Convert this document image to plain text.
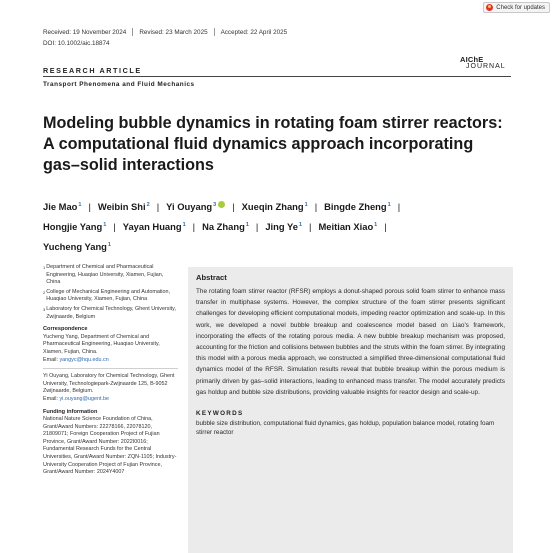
Check for updates
Received: 19 November 2024 Revised: 23 March 2025 Accepted: 22 April 2025
DOI: 10.1002/aic.18874
RESEARCH ARTICLE
Transport Phenomena and Fluid Mechanics
AIChE
JOURNAL
Modeling bubble dynamics in rotating foam stirrer reactors: A computational fluid dynamics approach incorporating gas–solid interactions
Jie Mao$^1$ | Weibin Shi$^2$ | Yi Ouyang$^3$ | Xueqin Zhang$^1$ | Bingde Zheng$^1$ |
Hongjie Yang$^1$ | Yayan Huang$^1$ | Na Zhang$^1$ | Jing Ye$^1$ | Meitian Xiao$^1$ |
Yucheng Yang$^1$
1 Department of Chemical and Pharmaceutical Engineering, Huaqiao University, Xiamen, Fujian, China
2 College of Mechanical Engineering and Automation, Huaqiao University, Xiamen, Fujian, China
3 Laboratory for Chemical Technology, Ghent University, Zwijnaarde, Belgium
Correspondence
Yucheng Yang, Department of Chemical and Pharmaceutical Engineering, Huaqiao University, Xiamen, Fujian, China.
Email: yangyc@hqu.edu.cn
Yi Ouyang, Laboratory for Chemical Technology, Ghent University, Technologiepark-Zwijnaarde 125, B-9052 Zwijnaarde, Belgium.
Email: yi.ouyang@ugent.be
Funding information
National Nature Science Foundation of China, Grant/Award Numbers: 22278166, 22078120, 21809071; Foreign Cooperation Project of Fujian Province, Grant/Award Number: 2022I0016; Fundamental Research Funds for the Central Universities, Grant/Award Number: ZQN-1105; Industry-University Cooperation Project of Fujian Province, Grant/Award Number: 2024Y4007
Abstract

The rotating foam stirrer reactor (RFSR) employs a donut-shaped porous solid foam stirrer to enhance mass transfer in multiphase systems. However, the complex structure of the foam stirrer presents significant challenges for developing efficient computational models, impeding reactor optimization and scale-up. In this work, we developed a novel bubble breakup and coalescence model based on Liao's framework, incorporating the effects of the rotating porous media. A new bubble breakup mechanism was proposed, accounting for the friction and collisions between bubbles and the struts within the foam stirrer. By integrating this model with a porous media approach, we constructed a simplified three-dimensional computational fluid dynamics model of the RFSR. Simulation results reveal that bubble breakup within the porous medium is primarily driven by gas–solid interactions, leading to enhanced mass transfer. The model accurately predicts gas holdup and bubble size distributions, providing valuable insights for reactor design and scale-up.

KEYWORDS
bubble size distribution, computational fluid dynamics, gas holdup, population balance model, rotating foam stirrer reactor
